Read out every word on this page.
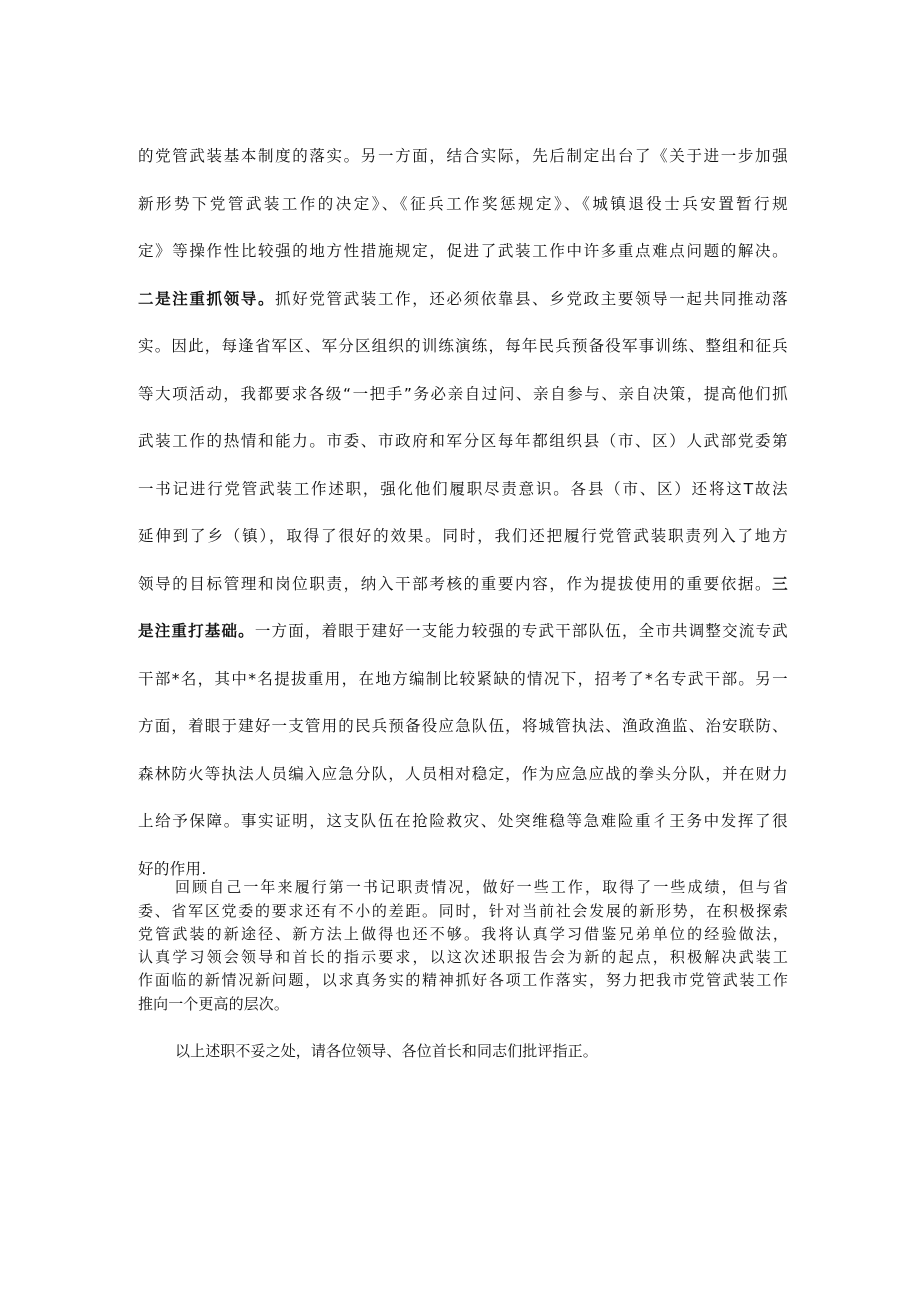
的党管武装基本制度的落实。另一方面，结合实际，先后制定出台了《关于进一步加强
新形势下党管武装工作的决定》、《征兵工作奖惩规定》、《城镇退役士兵安置暂行规
定》等操作性比较强的地方性措施规定，促进了武装工作中许多重点难点问题的解决。
二是注重抓领导。抓好党管武装工作，还必须依靠县、乡党政主要领导一起共同推动落
实。因此，每逢省军区、军分区组织的训练演练，每年民兵预备役军事训练、整组和征兵
等大项活动，我都要求各级“一把手”务必亲自过问、亲自参与、亲自决策，提高他们抓
武装工作的热情和能力。市委、市政府和军分区每年都组织县（市、区）人武部党委第
一书记进行党管武装工作述职，强化他们履职尽责意识。各县（市、区）还将这T故法
延伸到了乡（镇），取得了很好的效果。同时，我们还把履行党管武装职责列入了地方
领导的目标管理和岗位职责，纳入干部考核的重要内容，作为提拔使用的重要依据。三
是注重打基础。一方面，着眼于建好一支能力较强的专武干部队伍，全市共调整交流专武
干部*名，其中*名提拔重用，在地方编制比较紧缺的情况下，招考了*名专武干部。另一
方面，着眼于建好一支管用的民兵预备役应急队伍，将城管执法、渔政渔监、治安联防、
森林防火等执法人员编入应急分队，人员相对稳定，作为应急应战的拳头分队，并在财力
上给予保障。事实证明，这支队伍在抢险救灾、处突维稳等急难险重彳王务中发挥了很
好的作用.
回顾自己一年来履行第一书记职责情况，做好一些工作，取得了一些成绩，但与省
委、省军区党委的要求还有不小的差距。同时，针对当前社会发展的新形势，在积极探索
党管武装的新途径、新方法上做得也还不够。我将认真学习借鉴兄弟单位的经验做法，
认真学习领会领导和首长的指示要求，以这次述职报告会为新的起点，积极解决武装工
作面临的新情况新问题，以求真务实的精神抓好各项工作落实，努力把我市党管武装工作
推向一个更高的层次。
以上述职不妥之处，请各位领导、各位首长和同志们批评指正。
